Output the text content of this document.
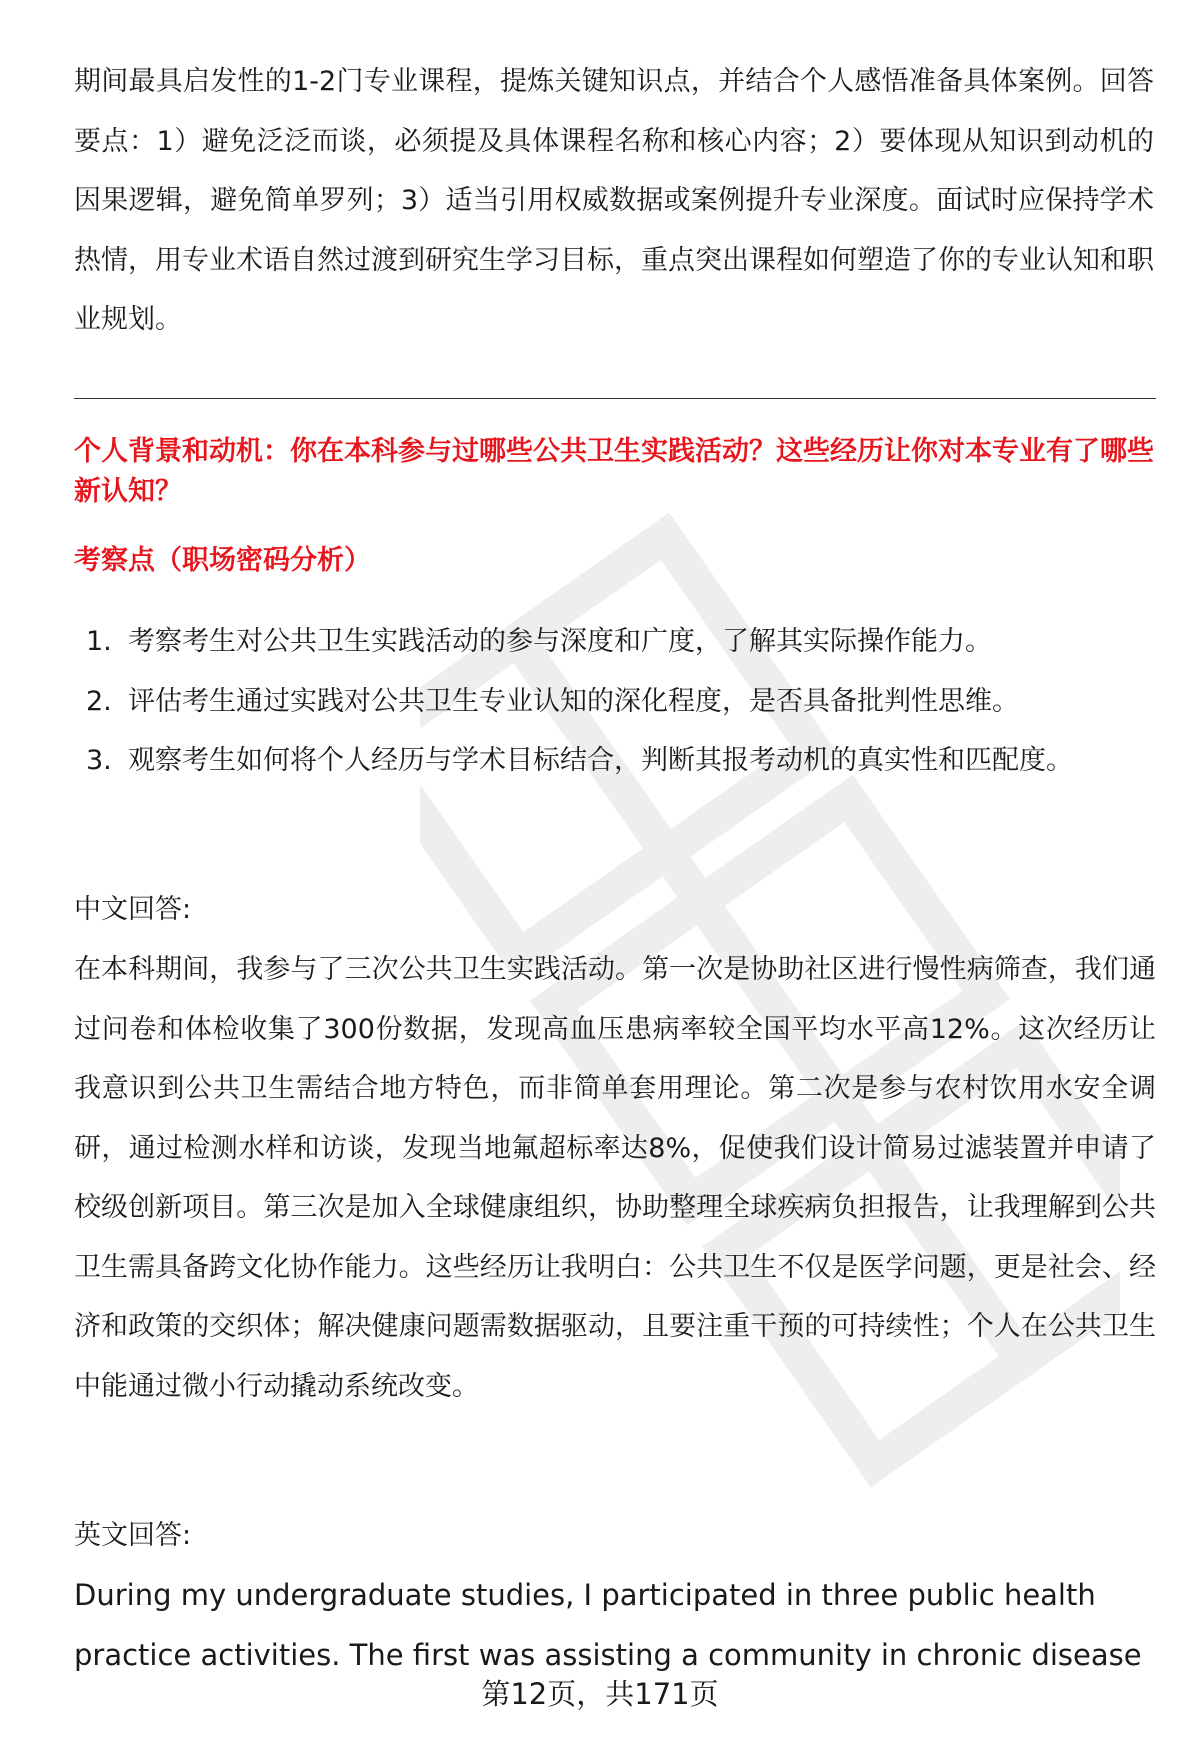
期间最具启发性的1-2门专业课程，提炼关键知识点，并结合个人感悟准备具体案例。回答要点：1）避免泛泛而谈，必须提及具体课程名称和核心内容；2）要体现从知识到动机的因果逻辑，避免简单罗列；3）适当引用权威数据或案例提升专业深度。面试时应保持学术热情，用专业术语自然过渡到研究生学习目标，重点突出课程如何塑造了你的专业认知和职业规划。

个人背景和动机：你在本科参与过哪些公共卫生实践活动？这些经历让你对本专业有了哪些新认知？

考察点（职场密码分析）

1. 考察考生对公共卫生实践活动的参与深度和广度，了解其实际操作能力。
2. 评估考生通过实践对公共卫生专业认知的深化程度，是否具备批判性思维。
3. 观察考生如何将个人经历与学术目标结合，判断其报考动机的真实性和匹配度。

中文回答:

在本科期间，我参与了三次公共卫生实践活动。第一次是协助社区进行慢性病筛查，我们通过问卷和体检收集了300份数据，发现高血压患病率较全国平均水平高12%。这次经历让我意识到公共卫生需结合地方特色，而非简单套用理论。第二次是参与农村饮用水安全调研，通过检测水样和访谈，发现当地氟超标率达8%，促使我们设计简易过滤装置并申请了校级创新项目。第三次是加入全球健康组织，协助整理全球疾病负担报告，让我理解到公共卫生需具备跨文化协作能力。这些经历让我明白：公共卫生不仅是医学问题，更是社会、经济和政策的交织体；解决健康问题需数据驱动，且要注重干预的可持续性；个人在公共卫生中能通过微小行动撬动系统改变。

英文回答:

During my undergraduate studies, I participated in three public health practice activities. The first was assisting a community in chronic disease

第12页，共171页
